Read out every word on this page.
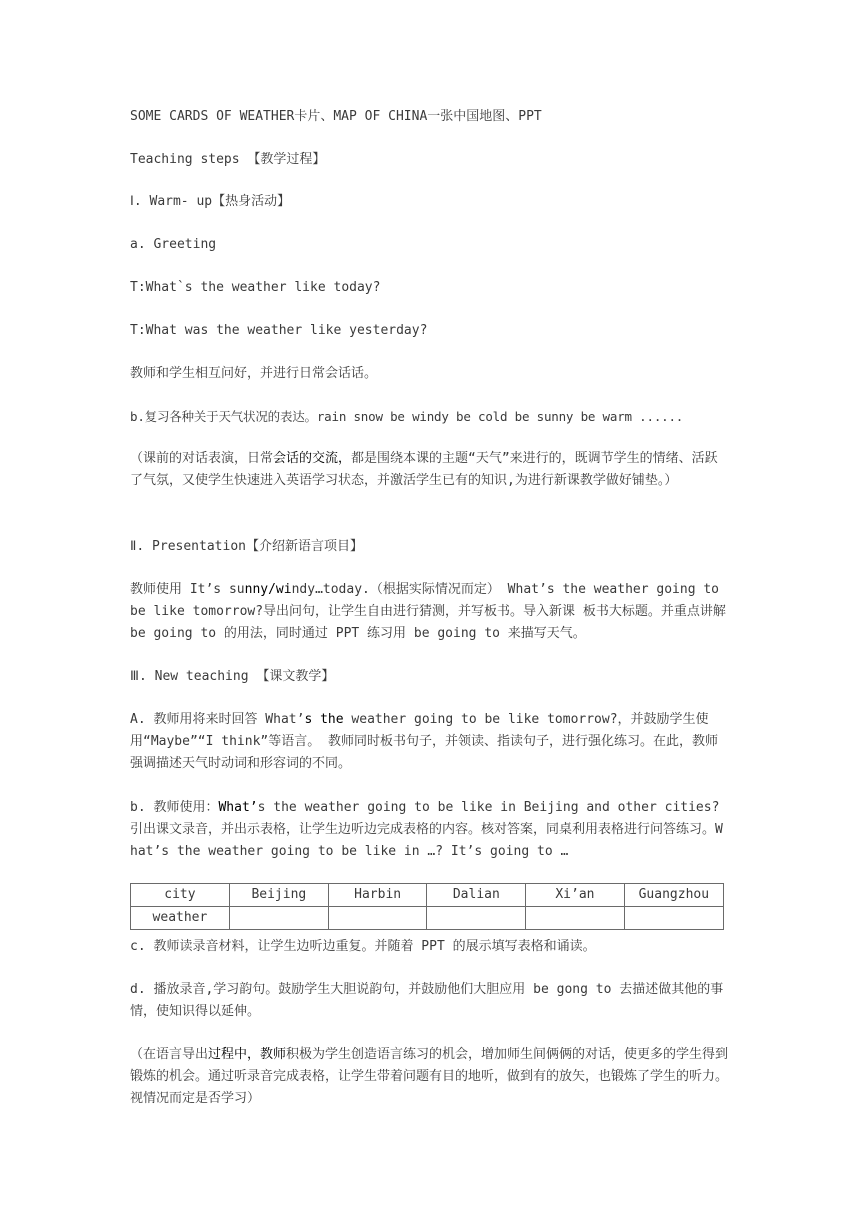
SOME CARDS OF WEATHER卡片、MAP OF CHINA一张中国地图、PPT
Teaching steps 【教学过程】
Ⅰ. Warm- up【热身活动】
a. Greeting
T:What`s the weather like today?
T:What was the weather like yesterday?
教师和学生相互问好，并进行日常会话话。
b.复习各种关于天气状况的表达。rain snow be windy be cold be sunny be warm ......
（课前的对话表演，日常会话的交流，都是围绕本课的主题“天气”来进行的，既调节学生的情绪、活跃了气氛，又使学生快速进入英语学习状态，并激活学生已有的知识,为进行新课教学做好铺垫。）
Ⅱ. Presentation【介绍新语言项目】
教师使用 It’s sunny/windy…today.（根据实际情况而定） What’s the weather going to be like tomorrow?导出问句，让学生自由进行猜测，并写板书。导入新课 板书大标题。并重点讲解 be going to 的用法，同时通过 PPT 练习用 be going to 来描写天气。
Ⅲ. New teaching 【课文教学】
A. 教师用将来时回答 What’s the weather going to be like tomorrow?，并鼓励学生使用“Maybe”“I think”等语言。 教师同时板书句子，并领读、指读句子，进行强化练习。在此，教师强调描述天气时动词和形容词的不同。
b. 教师使用：What’s the weather going to be like in Beijing and other cities? 引出课文录音，并出示表格，让学生边听边完成表格的内容。核对答案，同桌利用表格进行问答练习。What’s the weather going to be like in …? It’s going to …
city	Beijing	Harbin	Dalian	Xi’an	Guangzhou
weather					
c. 教师读录音材料，让学生边听边重复。并随着 PPT 的展示填写表格和诵读。
d. 播放录音,学习韵句。鼓励学生大胆说韵句，并鼓励他们大胆应用 be gong to 去描述做其他的事情，使知识得以延伸。
（在语言导出过程中，教师积极为学生创造语言练习的机会，增加师生间俩俩的对话，使更多的学生得到锻炼的机会。通过听录音完成表格，让学生带着问题有目的地听，做到有的放矢，也锻炼了学生的听力。视情况而定是否学习）
